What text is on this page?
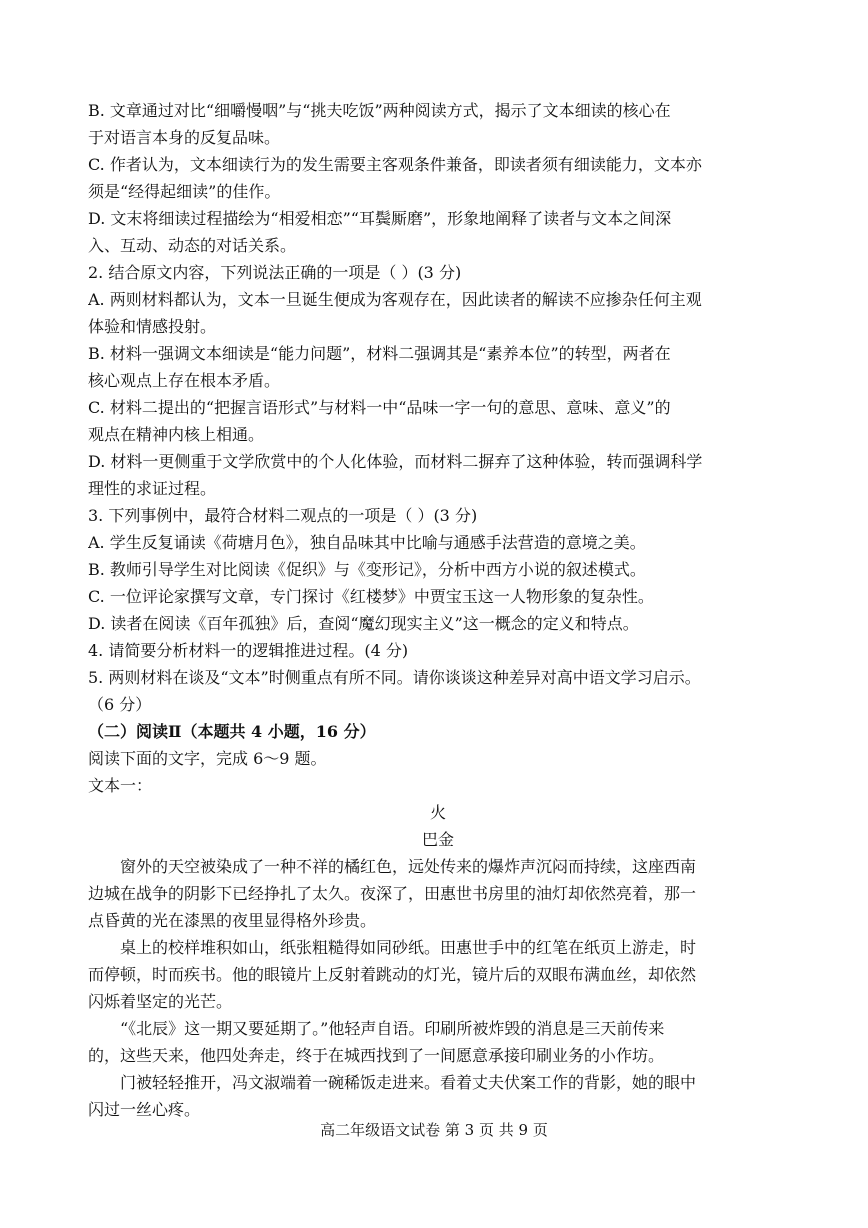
B. 文章通过对比“细嚼慢咽”与“挑夫吃饭”两种阅读方式，揭示了文本细读的核心在
于对语言本身的反复品味。
C. 作者认为，文本细读行为的发生需要主客观条件兼备，即读者须有细读能力，文本亦
须是“经得起细读”的佳作。
D. 文末将细读过程描绘为“相爱相恋”“耳鬓厮磨”，形象地阐释了读者与文本之间深
入、互动、动态的对话关系。
2. 结合原文内容，下列说法正确的一项是（ ）(3 分)
A. 两则材料都认为，文本一旦诞生便成为客观存在，因此读者的解读不应掺杂任何主观
体验和情感投射。
B. 材料一强调文本细读是“能力问题”，材料二强调其是“素养本位”的转型，两者在
核心观点上存在根本矛盾。
C. 材料二提出的“把握言语形式”与材料一中“品味一字一句的意思、意味、意义”的
观点在精神内核上相通。
D. 材料一更侧重于文学欣赏中的个人化体验，而材料二摒弃了这种体验，转而强调科学
理性的求证过程。
3. 下列事例中，最符合材料二观点的一项是（ ）(3 分)
A. 学生反复诵读《荷塘月色》，独自品味其中比喻与通感手法营造的意境之美。
B. 教师引导学生对比阅读《促织》与《变形记》，分析中西方小说的叙述模式。
C. 一位评论家撰写文章，专门探讨《红楼梦》中贾宝玉这一人物形象的复杂性。
D. 读者在阅读《百年孤独》后，查阅“魔幻现实主义”这一概念的定义和特点。
4. 请简要分析材料一的逻辑推进过程。(4 分)
5. 两则材料在谈及“文本”时侧重点有所不同。请你谈谈这种差异对高中语文学习启示。
（6 分）
（二）阅读Ⅱ（本题共 4 小题，16 分）
阅读下面的文字，完成 6～9 题。
文本一：
火
巴金
窗外的天空被染成了一种不祥的橘红色，远处传来的爆炸声沉闷而持续，这座西南
边城在战争的阴影下已经挣扎了太久。夜深了，田惠世书房里的油灯却依然亮着，那一
点昏黄的光在漆黑的夜里显得格外珍贵。
桌上的校样堆积如山，纸张粗糙得如同砂纸。田惠世手中的红笔在纸页上游走，时
而停顿，时而疾书。他的眼镜片上反射着跳动的灯光，镜片后的双眼布满血丝，却依然
闪烁着坚定的光芒。
“《北辰》这一期又要延期了。”他轻声自语。印刷所被炸毁的消息是三天前传来
的，这些天来，他四处奔走，终于在城西找到了一间愿意承接印刷业务的小作坊。
门被轻轻推开，冯文淑端着一碗稀饭走进来。看着丈夫伏案工作的背影，她的眼中
闪过一丝心疼。
高二年级语文试卷 第 3 页 共 9 页
